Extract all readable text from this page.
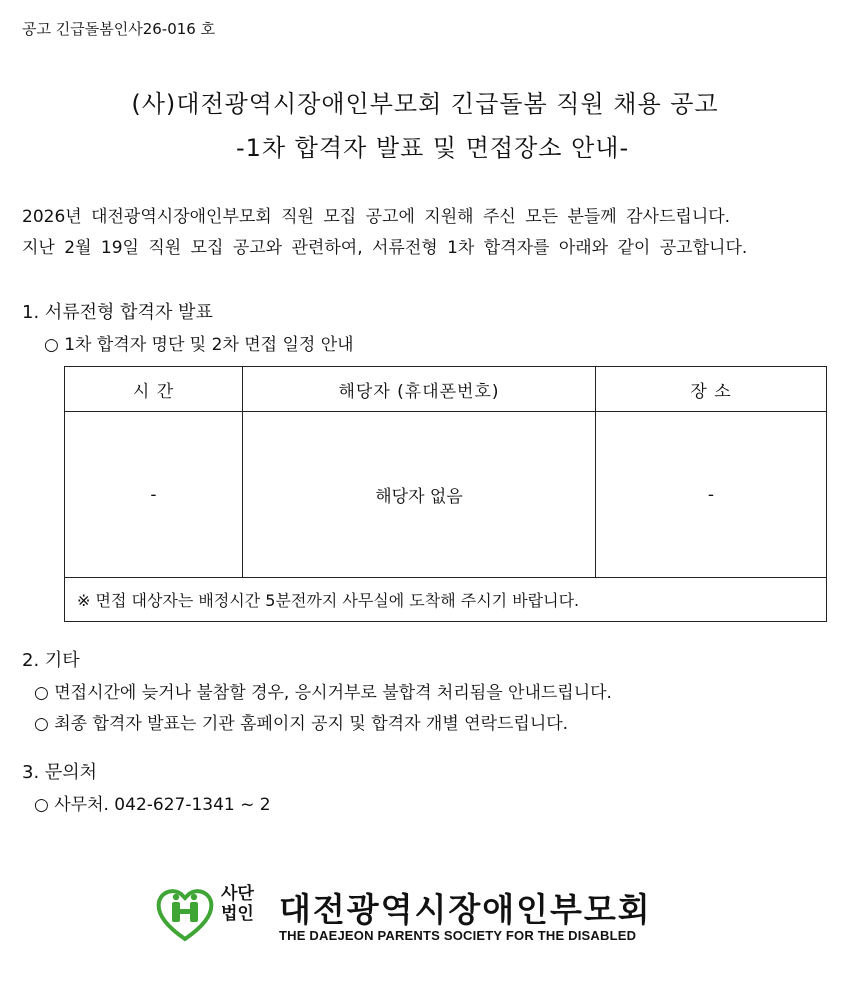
공고 긴급돌봄인사26-016 호
(사)대전광역시장애인부모회 긴급돌봄 직원 채용 공고
-1차 합격자 발표 및 면접장소 안내-
2026년 대전광역시장애인부모회 직원 모집 공고에 지원해 주신 모든 분들께 감사드립니다.
지난 2월 19일 직원 모집 공고와 관련하여, 서류전형 1차 합격자를 아래와 같이 공고합니다.
1. 서류전형 합격자 발표
○ 1차 합격자 명단 및 2차 면접 일정 안내
시 간	해당자 (휴대폰번호)	장 소
-	해당자 없음	-
※ 면접 대상자는 배정시간 5분전까지 사무실에 도착해 주시기 바랍니다.		
2. 기타
○ 면접시간에 늦거나 불참할 경우, 응시거부로 불합격 처리됨을 안내드립니다.
○ 최종 합격자 발표는 기관 홈페이지 공지 및 합격자 개별 연락드립니다.
3. 문의처
○ 사무처. 042-627-1341 ~ 2
사단 법인 대전광역시장애인부모회
THE DAEJEON PARENTS SOCIETY FOR THE DISABLED
